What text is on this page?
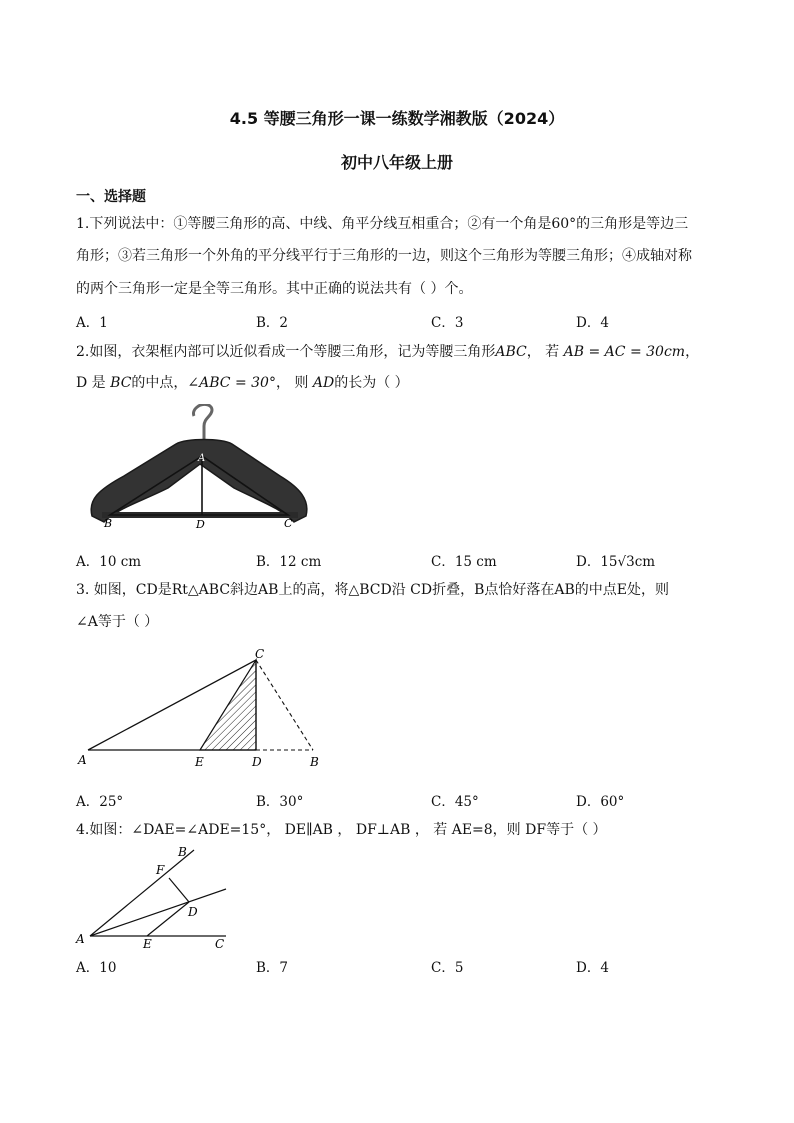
4.5 等腰三角形一课一练数学湘教版（2024）
初中八年级上册
一、选择题
1.下列说法中：①等腰三角形的高、中线、角平分线互相重合；②有一个角是60°的三角形是等边三
角形；③若三角形一个外角的平分线平行于三角形的一边，则这个三角形为等腰三角形；④成轴对称
的两个三角形一定是全等三角形。其中正确的说法共有（ ）个。
A．1	B．2	C．3	D．4
2.如图，衣架框内部可以近似看成一个等腰三角形，记为等腰三角形ABC， 若 AB = AC = 30cm，
D 是 BC的中点，∠ABC = 30°， 则 AD的长为（ ）
A
B	D	C
A．10 cm	B．12 cm	C．15 cm	D．15√3cm
3. 如图，CD是Rt△ABC斜边AB上的高，将△BCD沿 CD折叠，B点恰好落在AB的中点E处，则
∠A等于（ ）
C
A	E	D	B
A．25°	B．30°	C．45°	D．60°
4.如图：∠DAE=∠ADE=15°， DE∥AB ， DF⊥AB ， 若 AE=8，则 DF等于（ ）
B
F
D
A	E	C
A．10	B．7	C．5	D．4
